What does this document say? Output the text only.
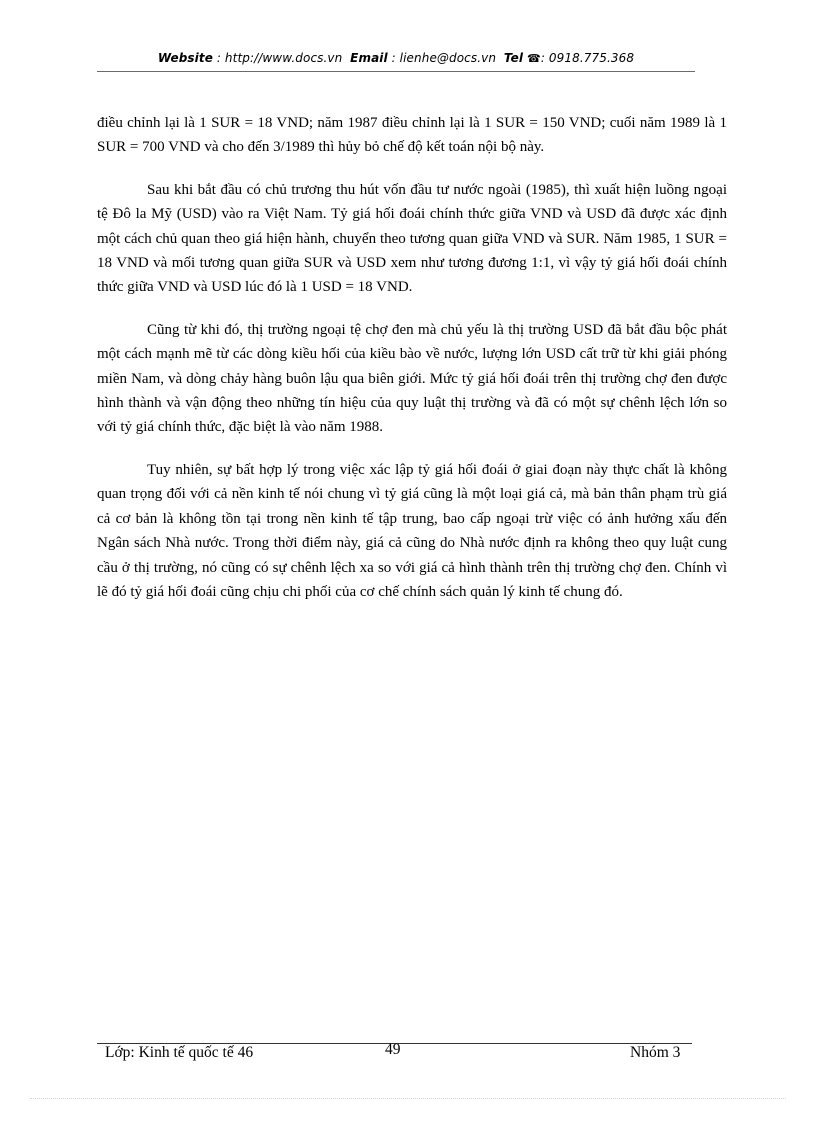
Website : http://www.docs.vn Email : lienhe@docs.vn Tel ☎: 0918.775.368

điều chỉnh lại là 1 SUR = 18 VND; năm 1987 điều chỉnh lại là 1 SUR = 150 VND; cuối năm 1989 là 1 SUR = 700 VND và cho đến 3/1989 thì hủy bỏ chế độ kết toán nội bộ này.

Sau khi bắt đầu có chủ trương thu hút vốn đầu tư nước ngoài (1985), thì xuất hiện luồng ngoại tệ Đô la Mỹ (USD) vào ra Việt Nam. Tỷ giá hối đoái chính thức giữa VND và USD đã được xác định một cách chủ quan theo giá hiện hành, chuyển theo tương quan giữa VND và SUR. Năm 1985, 1 SUR = 18 VND và mối tương quan giữa SUR và USD xem như tương đương 1:1, vì vậy tỷ giá hối đoái chính thức giữa VND và USD lúc đó là 1 USD = 18 VND.

Cũng từ khi đó, thị trường ngoại tệ chợ đen mà chủ yếu là thị trường USD đã bắt đầu bộc phát một cách mạnh mẽ từ các dòng kiều hối của kiều bào về nước, lượng lớn USD cất trữ từ khi giải phóng miền Nam, và dòng chảy hàng buôn lậu qua biên giới. Mức tỷ giá hối đoái trên thị trường chợ đen được hình thành và vận động theo những tín hiệu của quy luật thị trường và đã có một sự chênh lệch lớn so với tỷ giá chính thức, đặc biệt là vào năm 1988.

Tuy nhiên, sự bất hợp lý trong việc xác lập tỷ giá hối đoái ở giai đoạn này thực chất là không quan trọng đối với cả nền kinh tế nói chung vì tỷ giá cũng là một loại giá cả, mà bản thân phạm trù giá cả cơ bản là không tồn tại trong nền kinh tế tập trung, bao cấp ngoại trừ việc có ảnh hưởng xấu đến Ngân sách Nhà nước. Trong thời điểm này, giá cả cũng do Nhà nước định ra không theo quy luật cung cầu ở thị trường, nó cũng có sự chênh lệch xa so với giá cả hình thành trên thị trường chợ đen. Chính vì lẽ đó tỷ giá hối đoái cũng chịu chi phối của cơ chế chính sách quản lý kinh tế chung đó.

Lớp: Kinh tế quốc tế 46	49	Nhóm 3
